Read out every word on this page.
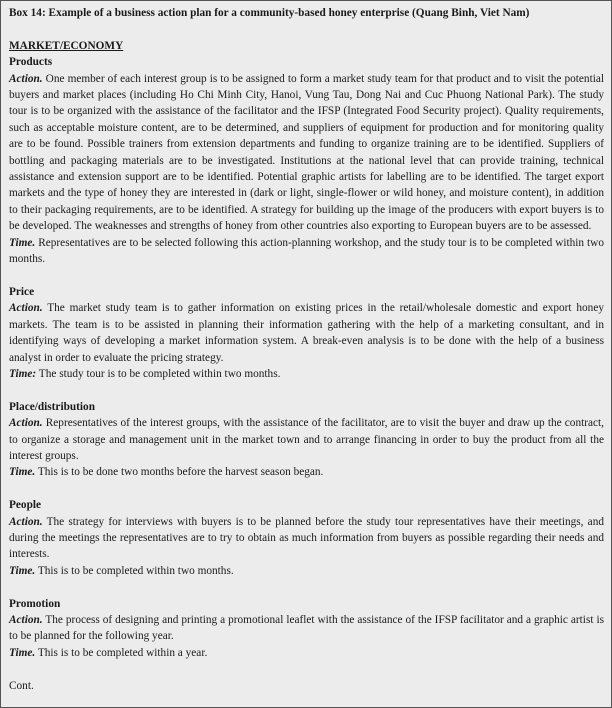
Box 14: Example of a business action plan for a community-based honey enterprise (Quang Binh, Viet Nam)
MARKET/ECONOMY
Products

Action. One member of each interest group is to be assigned to form a market study team for that product and to visit the potential buyers and market places (including Ho Chi Minh City, Hanoi, Vung Tau, Dong Nai and Cuc Phuong National Park). The study tour is to be organized with the assistance of the facilitator and the IFSP (Integrated Food Security project). Quality requirements, such as acceptable moisture content, are to be determined, and suppliers of equipment for production and for monitoring quality are to be found. Possible trainers from extension departments and funding to organize training are to be identified. Suppliers of bottling and packaging materials are to be investigated. Institutions at the national level that can provide training, technical assistance and extension support are to be identified. Potential graphic artists for labelling are to be identified. The target export markets and the type of honey they are interested in (dark or light, single-flower or wild honey, and moisture content), in addition to their packaging requirements, are to be identified. A strategy for building up the image of the producers with export buyers is to be developed. The weaknesses and strengths of honey from other countries also exporting to European buyers are to be assessed.

Time. Representatives are to be selected following this action-planning workshop, and the study tour is to be completed within two months.

Price

Action. The market study team is to gather information on existing prices in the retail/wholesale domestic and export honey markets. The team is to be assisted in planning their information gathering with the help of a marketing consultant, and in identifying ways of developing a market information system. A break-even analysis is to be done with the help of a business analyst in order to evaluate the pricing strategy.

Time: The study tour is to be completed within two months.

Place/distribution

Action. Representatives of the interest groups, with the assistance of the facilitator, are to visit the buyer and draw up the contract, to organize a storage and management unit in the market town and to arrange financing in order to buy the product from all the interest groups.

Time. This is to be done two months before the harvest season began.

People

Action. The strategy for interviews with buyers is to be planned before the study tour representatives have their meetings, and during the meetings the representatives are to try to obtain as much information from buyers as possible regarding their needs and interests.

Time. This is to be completed within two months.

Promotion

Action. The process of designing and printing a promotional leaflet with the assistance of the IFSP facilitator and a graphic artist is to be planned for the following year.

Time. This is to be completed within a year.

Cont.
